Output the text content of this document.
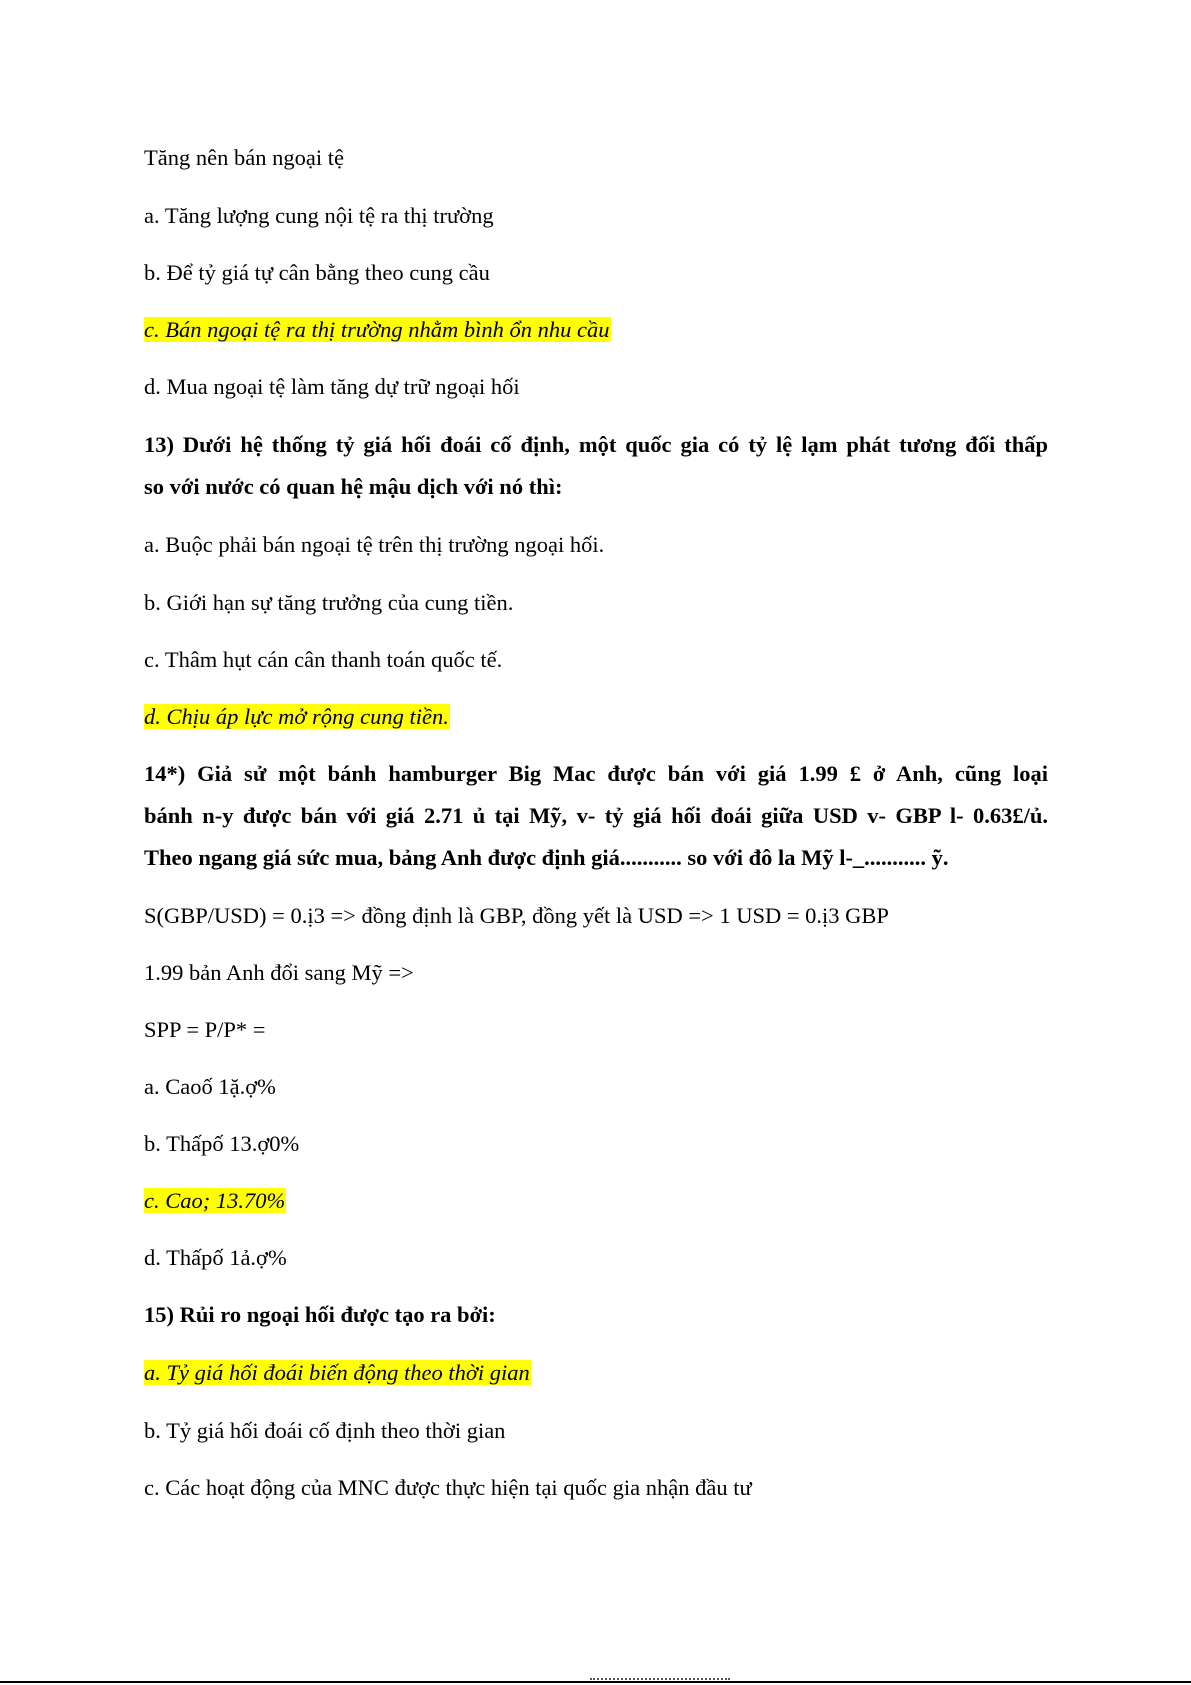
Tăng nên bán ngoại tệ
a. Tăng lượng cung nội tệ ra thị trường
b. Để tỷ giá tự cân bằng theo cung cầu
c. Bán ngoại tệ ra thị trường nhằm bình ổn nhu cầu
d. Mua ngoại tệ làm tăng dự trữ ngoại hối
13) Dưới hệ thống tỷ giá hối đoái cố định, một quốc gia có tỷ lệ lạm phát tương đối thấp
so với nước có quan hệ mậu dịch với nó thì:
a. Buộc phải bán ngoại tệ trên thị trường ngoại hối.
b. Giới hạn sự tăng trưởng của cung tiền.
c. Thâm hụt cán cân thanh toán quốc tế.
d. Chịu áp lực mở rộng cung tiền.
14*) Giả sử một bánh hamburger Big Mac được bán với giá 1.99 £ ở Anh, cũng loại
bánh n-y được bán với giá 2.71 ủ tại Mỹ, v- tỷ giá hối đoái giữa USD v- GBP l- 0.63£/ủ.
Theo ngang giá sức mua, bảng Anh được định giá........... so với đô la Mỹ l-_........... ỹ.
S(GBP/USD) = 0.ị3 => đồng định là GBP, đồng yết là USD => 1 USD = 0.ị3 GBP
1.99 bản Anh đổi sang Mỹ =>
SPP = P/P* =
a. Caoố 1ặ.ợ%
b. Thấpố 13.ợ0%
c. Cao; 13.70%
d. Thấpố 1ả.ợ%
15) Rủi ro ngoại hối được tạo ra bởi:
a. Tỷ giá hối đoái biến động theo thời gian
b. Tỷ giá hối đoái cố định theo thời gian
c. Các hoạt động của MNC được thực hiện tại quốc gia nhận đầu tư
